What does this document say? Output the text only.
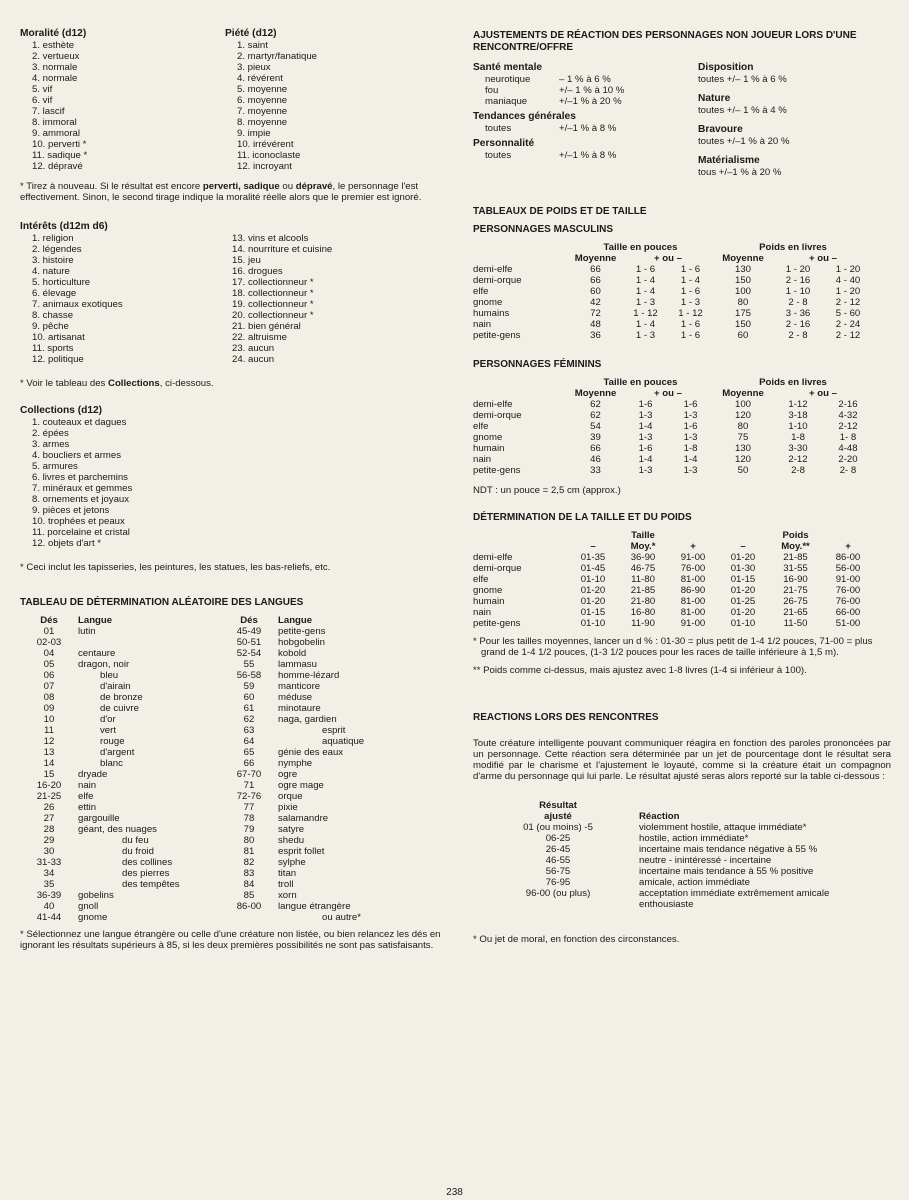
Moralité (d12)
1. esthète
2. vertueux
3. normale
4. normale
5. vif
6. vif
7. lascif
8. immoral
9. ammoral
10. perverti *
11. sadique *
12. dépravé
Piété (d12)
1. saint
2. martyr/fanatique
3. pieux
4. révérent
5. moyenne
6. moyenne
7. moyenne
8. moyenne
9. impie
10. irrévérent
11. iconoclaste
12. incroyant
* Tirez à nouveau. Si le résultat est encore perverti, sadique ou dépravé, le personnage l'est effectivement. Sinon, le second tirage indique la moralité réelle alors que le premier est ignoré.
Intérêts (d12m d6)
1. religion
2. légendes
3. histoire
4. nature
5. horticulture
6. élevage
7. animaux exotiques
8. chasse
9. pêche
10. artisanat
11. sports
12. politique
13. vins et alcools
14. nourriture et cuisine
15. jeu
16. drogues
17. collectionneur *
18. collectionneur *
19. collectionneur *
20. collectionneur *
21. bien général
22. altruisme
23. aucun
24. aucun
* Voir le tableau des Collections, ci-dessous.
Collections (d12)
1. couteaux et dagues
2. épées
3. armes
4. boucliers et armes
5. armures
6. livres et parchemins
7. minéraux et gemmes
8. ornements et joyaux
9. pièces et jetons
10. trophées et peaux
11. porcelaine et cristal
12. objets d'art *
* Ceci inclut les tapisseries, les peintures, les statues, les bas-reliefs, etc.
TABLEAU DE DÉTERMINATION ALÉATOIRE DES LANGUES
Dés	Langue
01	lutin
02-03	
04	centaure
05	dragon, noir
06	bleu
07	d'airain
08	de bronze
09	de cuivre
10	d'or
11	vert
12	rouge
13	d'argent
14	blanc
15	dryade
16-20	nain
21-25	elfe
26	ettin
27	gargouille
28	géant, des nuages
29	du feu
30	du froid
31-33	des collines
34	des pierres
35	des tempêtes
36-39	gobelins
40	gnoll
41-44	gnome
Dés	Langue
45-49	petite-gens
50-51	hobgobelin
52-54	kobold
55	lammasu
56-58	homme-lézard
59	manticore
60	méduse
61	minotaure
62	naga, gardien
63	esprit
64	aquatique
65	génie des eaux
66	nymphe
67-70	ogre
71	ogre mage
72-76	orque
77	pixie
78	salamandre
79	satyre
80	shedu
81	esprit follet
82	sylphe
83	titan
84	troll
85	xorn
86-00	langue étrangère
	ou autre*
* Sélectionnez une langue étrangère ou celle d'une créature non listée, ou bien relancez les dés en ignorant les résultats supérieurs à 85, si les deux premières possibilités ne sont pas satisfaisants.
AJUSTEMENTS DE RÉACTION DES PERSONNAGES NON JOUEUR LORS D'UNE RENCONTRE/OFFRE
Santé mentale
neurotique	– 1 % à 6 %
fou	+/– 1 % à 10 %
maniaque	+/–1 % à 20 %
Tendances générales
toutes	+/–1 % à 8 %
Personnalité
toutes	+/–1 % à 8 %
Disposition
toutes +/– 1 % à 6 %
Nature
toutes +/– 1 % à 4 %
Bravoure
toutes +/–1 % à 20 %
Matérialisme
tous +/–1 % à 20 %
TABLEAUX DE POIDS ET DE TAILLE
PERSONNAGES MASCULINS
	Taille en pouces			Poids en livres		
	Moyenne	+ ou –		Moyenne	+ ou –	
demi-elfe	66	1 - 6	1 - 6	130	1 - 20	1 - 20
demi-orque	66	1 - 4	1 - 4	150	2 - 16	4 - 40
elfe	60	1 - 4	1 - 6	100	1 - 10	1 - 20
gnome	42	1 - 3	1 - 3	80	2 - 8	2 - 12
humains	72	1 - 12	1 - 12	175	3 - 36	5 - 60
nain	48	1 - 4	1 - 6	150	2 - 16	2 - 24
petite-gens	36	1 - 3	1 - 6	60	2 - 8	2 - 12
PERSONNAGES FÉMININS
	Taille en pouces			Poids en livres		
	Moyenne	+ ou –		Moyenne	+ ou –	
demi-elfe	62	1-6	1-6	100	1-12	2-16
demi-orque	62	1-3	1-3	120	3-18	4-32
elfe	54	1-4	1-6	80	1-10	2-12
gnome	39	1-3	1-3	75	1-8	1- 8
humain	66	1-6	1-8	130	3-30	4-48
nain	46	1-4	1-4	120	2-12	2-20
petite-gens	33	1-3	1-3	50	2-8	2- 8
NDT : un pouce = 2,5 cm (approx.)
DÉTERMINATION DE LA TAILLE ET DU POIDS
		Taille			Poids	
	–	Moy.*	+	–	Moy.**	+
demi-elfe	01-35	36-90	91-00	01-20	21-85	86-00
demi-orque	01-45	46-75	76-00	01-30	31-55	56-00
elfe	01-10	11-80	81-00	01-15	16-90	91-00
gnome	01-20	21-85	86-90	01-20	21-75	76-00
humain	01-20	21-80	81-00	01-25	26-75	76-00
nain	01-15	16-80	81-00	01-20	21-65	66-00
petite-gens	01-10	11-90	91-00	01-10	11-50	51-00
* Pour les tailles moyennes, lancer un d % : 01-30 = plus petit de 1-4 1/2 pouces, 71-00 = plus grand de 1-4 1/2 pouces, (1-3 1/2 pouces pour les races de taille inférieure à 1,5 m).
** Poids comme ci-dessus, mais ajustez avec 1-8 livres (1-4 si inférieur à 100).
REACTIONS LORS DES RENCONTRES
Toute créature intelligente pouvant communiquer réagira en fonction des paroles prononcées par un personnage. Cette réaction sera déterminée par un jet de pourcentage dont le résultat sera modifié par le charisme et l'ajustement le loyauté, comme si la créature était un compagnon d'arme du personnage qui lui parle. Le résultat ajusté seras alors reporté sur la table ci-dessous :
Résultat	
ajusté	Réaction
01 (ou moins) -5	violemment hostile, attaque immédiate*
06-25	hostile, action immédiate*
26-45	incertaine mais tendance négative à 55 %
46-55	neutre - inintéressé - incertaine
56-75	incertaine mais tendance à 55 % positive
76-95	amicale, action immédiate
96-00 (ou plus)	acceptation immédiate extrêmement amicale
	enthousiaste
* Ou jet de moral, en fonction des circonstances.
238
